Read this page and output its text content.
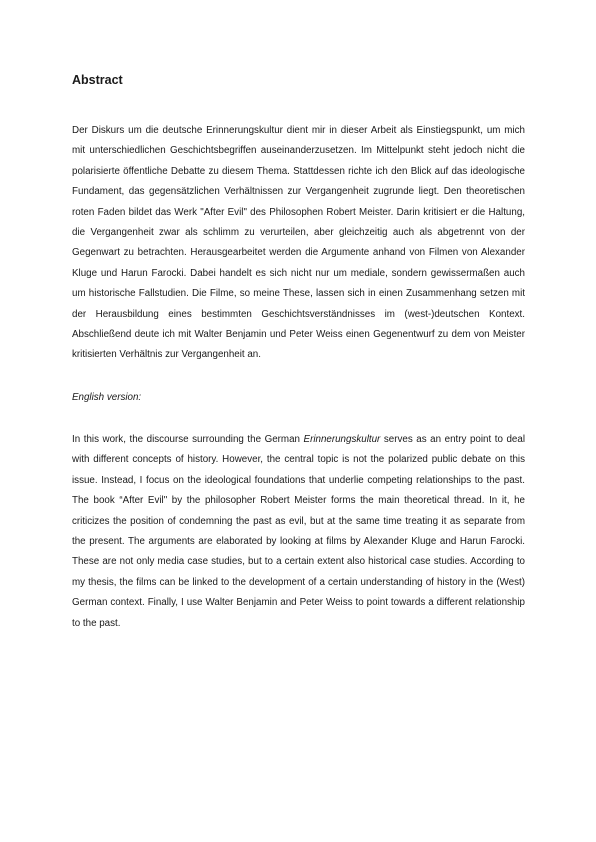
Abstract

Der Diskurs um die deutsche Erinnerungskultur dient mir in dieser Arbeit als Einstiegspunkt, um mich mit unterschiedlichen Geschichtsbegriffen auseinanderzusetzen. Im Mittelpunkt steht jedoch nicht die polarisierte öffentliche Debatte zu diesem Thema. Stattdessen richte ich den Blick auf das ideologische Fundament, das gegensätzlichen Verhältnissen zur Vergangenheit zugrunde liegt. Den theoretischen roten Faden bildet das Werk "After Evil" des Philosophen Robert Meister. Darin kritisiert er die Haltung, die Vergangenheit zwar als schlimm zu verurteilen, aber gleichzeitig auch als abgetrennt von der Gegenwart zu betrachten. Herausgearbeitet werden die Argumente anhand von Filmen von Alexander Kluge und Harun Farocki. Dabei handelt es sich nicht nur um mediale, sondern gewissermaßen auch um historische Fallstudien. Die Filme, so meine These, lassen sich in einen Zusammenhang setzen mit der Herausbildung eines bestimmten Geschichtsverständnisses im (west-)deutschen Kontext. Abschließend deute ich mit Walter Benjamin und Peter Weiss einen Gegenentwurf zu dem von Meister kritisierten Verhältnis zur Vergangenheit an.

English version:

In this work, the discourse surrounding the German Erinnerungskultur serves as an entry point to deal with different concepts of history. However, the central topic is not the polarized public debate on this issue. Instead, I focus on the ideological foundations that underlie competing relationships to the past. The book “After Evil" by the philosopher Robert Meister forms the main theoretical thread. In it, he criticizes the position of condemning the past as evil, but at the same time treating it as separate from the present. The arguments are elaborated by looking at films by Alexander Kluge and Harun Farocki. These are not only media case studies, but to a certain extent also historical case studies. According to my thesis, the films can be linked to the development of a certain understanding of history in the (West) German context. Finally, I use Walter Benjamin and Peter Weiss to point towards a different relationship to the past.
